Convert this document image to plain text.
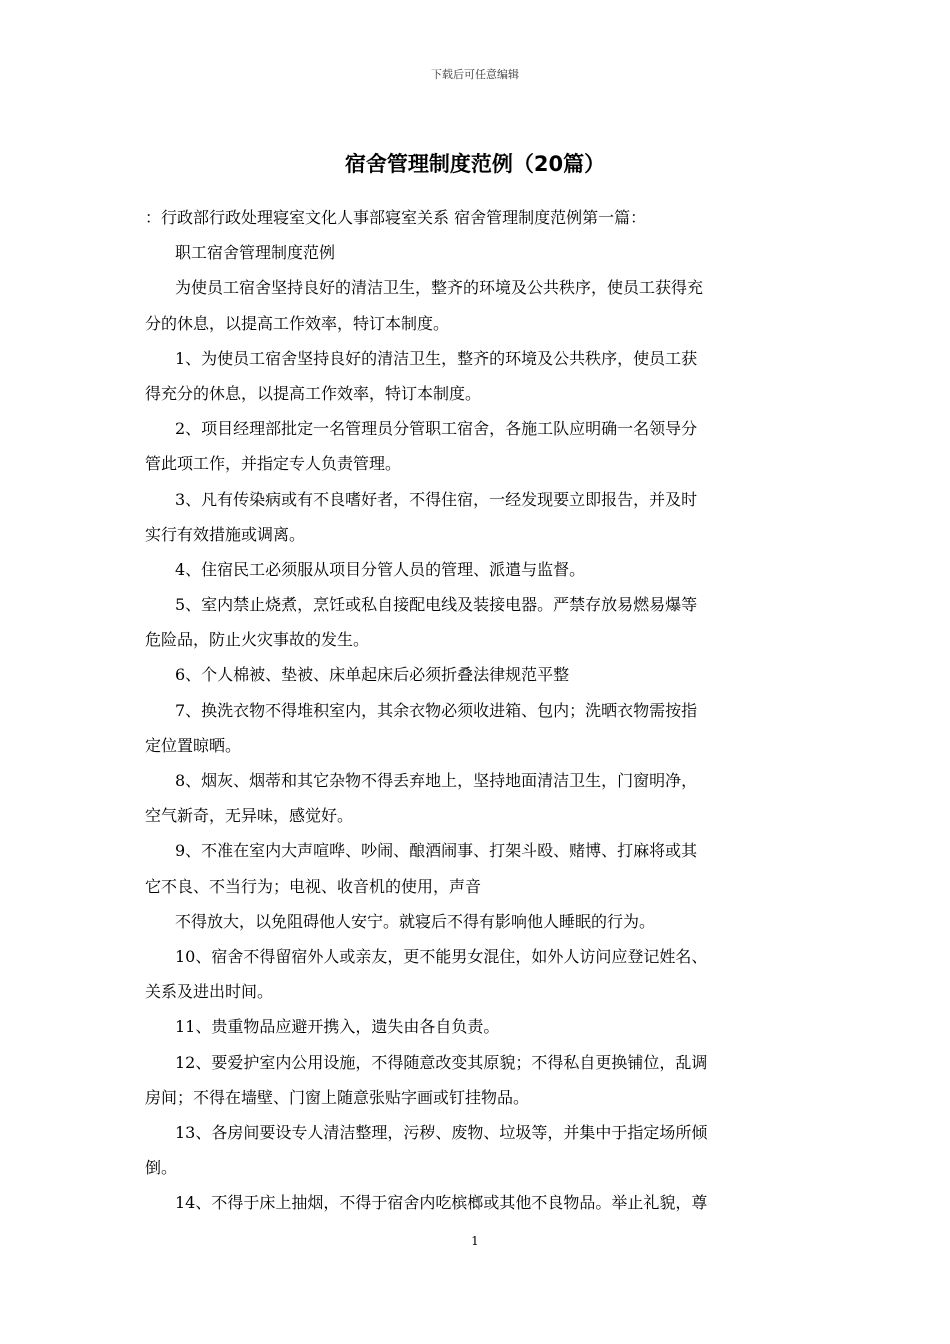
下载后可任意编辑
宿舍管理制度范例（20篇）
：行政部行政处理寝室文化人事部寝室关系 宿舍管理制度范例第一篇：
职工宿舍管理制度范例
为使员工宿舍坚持良好的清洁卫生，整齐的环境及公共秩序，使员工获得充
分的休息，以提高工作效率，特订本制度。
1、为使员工宿舍坚持良好的清洁卫生，整齐的环境及公共秩序，使员工获
得充分的休息，以提高工作效率，特订本制度。
2、项目经理部批定一名管理员分管职工宿舍，各施工队应明确一名领导分
管此项工作，并指定专人负责管理。
3、凡有传染病或有不良嗜好者，不得住宿，一经发现要立即报告，并及时
实行有效措施或调离。
4、住宿民工必须服从项目分管人员的管理、派遣与监督。
5、室内禁止烧煮，烹饪或私自接配电线及装接电器。严禁存放易燃易爆等
危险品，防止火灾事故的发生。
6、个人棉被、垫被、床单起床后必须折叠法律规范平整
7、换洗衣物不得堆积室内，其余衣物必须收进箱、包内；洗晒衣物需按指
定位置晾晒。
8、烟灰、烟蒂和其它杂物不得丢弃地上，坚持地面清洁卫生，门窗明净，
空气新奇，无异味，感觉好。
9、不准在室内大声喧哗、吵闹、酿酒闹事、打架斗殴、赌博、打麻将或其
它不良、不当行为；电视、收音机的使用，声音
不得放大，以免阻碍他人安宁。就寝后不得有影响他人睡眠的行为。
10、宿舍不得留宿外人或亲友，更不能男女混住，如外人访问应登记姓名、
关系及进出时间。
11、贵重物品应避开携入，遗失由各自负责。
12、要爱护室内公用设施，不得随意改变其原貌；不得私自更换铺位，乱调
房间；不得在墙壁、门窗上随意张贴字画或钉挂物品。
13、各房间要设专人清洁整理，污秽、废物、垃圾等，并集中于指定场所倾
倒。
14、不得于床上抽烟，不得于宿舍内吃槟榔或其他不良物品。举止礼貌，尊
1
